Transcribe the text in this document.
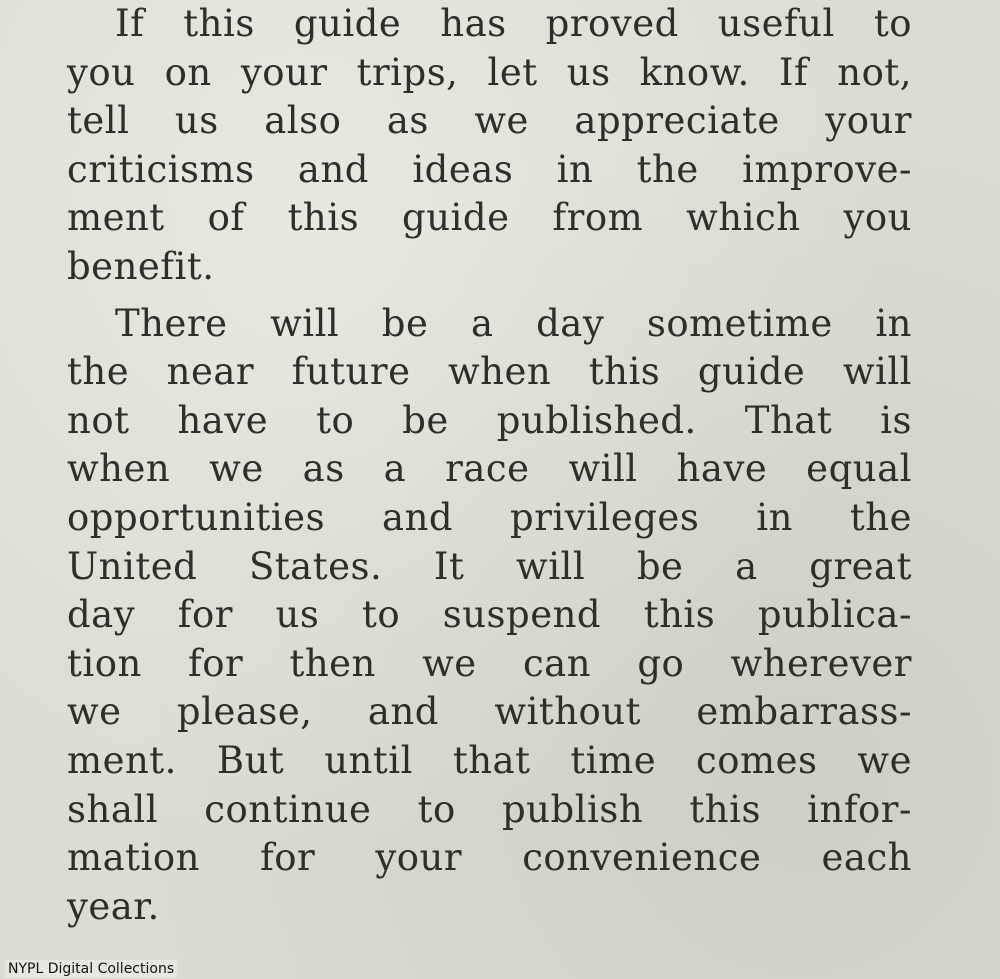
If this guide has proved useful to
you on your trips, let us know. If not,
tell us also as we appreciate your
criticisms and ideas in the improve-
ment of this guide from which you
benefit.

There will be a day sometime in
the near future when this guide will
not have to be published. That is
when we as a race will have equal
opportunities and privileges in the
United States. It will be a great
day for us to suspend this publica-
tion for then we can go wherever
we please, and without embarrass-
ment. But until that time comes we
shall continue to publish this infor-
mation for your convenience each
year.

NYPL Digital Collections
